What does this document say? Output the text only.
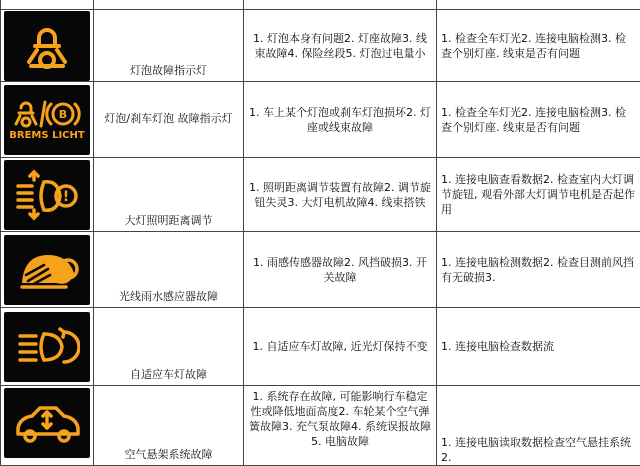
灯泡故障指示灯	1. 灯泡本身有问题2. 灯座故障3. 线束故障4. 保险丝段5. 灯泡过电量小	1. 检查全车灯光2. 连接电脑检测3. 检查个别灯座. 线束是否有问题

B
BREMS LICHT	灯泡/刹车灯泡 故障指示灯	1. 车上某个灯泡或刹车灯泡损坏2. 灯座或线束故障	1. 检查全车灯光2. 连接电脑检测3. 检查个别灯座. 线束是否有问题

!	大灯照明距离调节	1. 照明距离调节装置有故障2. 调节旋钮失灵3. 大灯电机故障4. 线束搭铁	1. 连接电脑查看数据2. 检查室内大灯调节旋钮, 观看外部大灯调节电机是否起作用

光线雨水感应器故障	1. 雨感传感器故障2. 风挡破损3. 开关故障	1. 连接电脑检测数据2. 检查目测前风挡有无破损3.

自适应车灯故障	1. 自适应车灯故障, 近光灯保持不变	1. 连接电脑检查数据流

空气悬架系统故障	1. 系统存在故障, 可能影响行车稳定性或降低地面高度2. 车轮某个空气弹簧故障3. 充气泵故障4. 系统误报故障5. 电脑故障	1. 连接电脑读取数据检查空气悬挂系统2.
